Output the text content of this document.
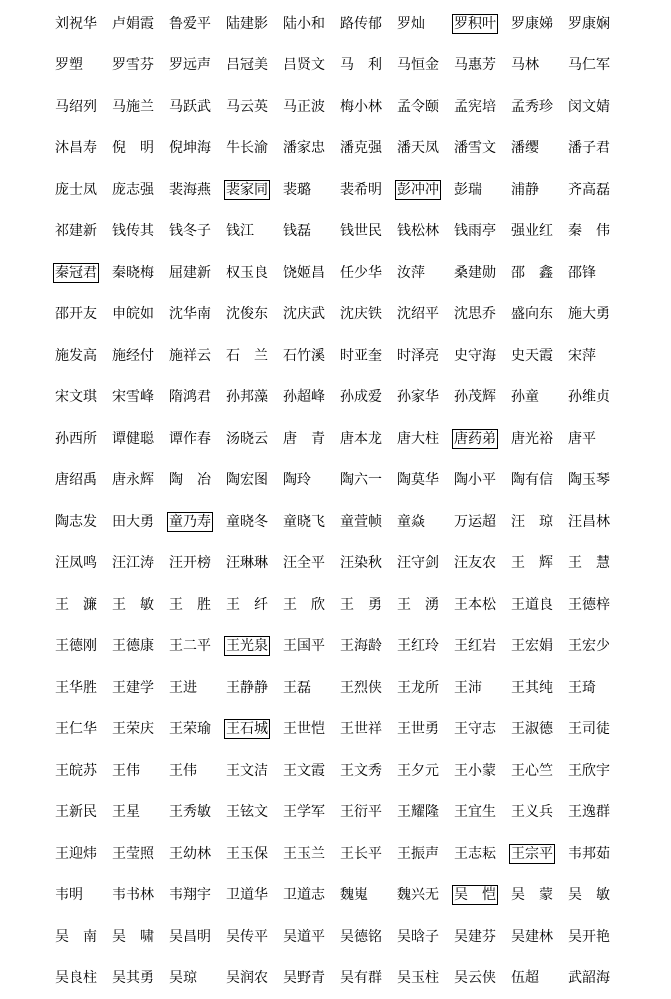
刘祝华	卢娟霞	鲁爱平	陆建影	陆小和	路传郁	罗灿	罗积叶	罗康娣	罗康娴
罗塑	罗雪芬	罗远声	吕冠美	吕贤文	马　利	马恒金	马惠芳	马林	马仁军
马绍列	马施兰	马跃武	马云英	马正波	梅小林	孟令颐	孟宪培	孟秀珍	闵文婧
沐昌寿	倪　明	倪坤海	牛长渝	潘家忠	潘克强	潘天凤	潘雪文	潘缨	潘子君
庞士凤	庞志强	裴海燕	裴家同	裴璐	裴希明	彭冲冲	彭瑞	浦静	齐高磊
祁建新	钱传其	钱冬子	钱江	钱磊	钱世民	钱松林	钱雨亭	强业红	秦　伟
秦冠君	秦晓梅	屈建新	权玉良	饶姬昌	任少华	汝萍	桑建勋	邵　鑫	邵锋
邵开友	申皖如	沈华南	沈俊东	沈庆武	沈庆铁	沈绍平	沈思乔	盛向东	施大勇
施发高	施经付	施祥云	石　兰	石竹溪	时亚奎	时泽亮	史守海	史天霞	宋萍
宋文琪	宋雪峰	隋鸿君	孙邦藻	孙超峰	孙成爱	孙家华	孙茂辉	孙童	孙维贞
孙西所	谭健聪	谭作春	汤晓云	唐　青	唐本龙	唐大柱	唐药弟	唐光裕	唐平
唐绍禹	唐永辉	陶　冶	陶宏图	陶玲	陶六一	陶莫华	陶小平	陶有信	陶玉琴
陶志发	田大勇	童乃寿	童晓冬	童晓飞	童萱帧	童焱	万运超	汪　琼	汪昌林
汪凤鸣	汪江涛	汪开榜	汪琳琳	汪全平	汪染秋	汪守剑	汪友农	王　辉	王　慧
王　濂	王　敏	王　胜	王　纤	王　欣	王　勇	王　湧	王本松	王道良	王德梓
王德刚	王德康	王二平	王光泉	王国平	王海龄	王红玲	王红岩	王宏娟	王宏少
王华胜	王建学	王进	王静静	王磊	王烈侠	王龙所	王沛	王其纯	王琦
王仁华	王荣庆	王荣瑜	王石城	王世恺	王世祥	王世勇	王守志	王淑德	王司徒
王皖苏	王伟	王伟	王文洁	王文霞	王文秀	王夕元	王小蒙	王心竺	王欣宇
王新民	王星	王秀敏	王铉文	王学军	王衍平	王耀隆	王宜生	王义兵	王逸群
王迎炜	王莹照	王幼林	王玉保	王玉兰	王长平	王振声	王志耘	王宗平	韦邦茹
韦明	韦书林	韦翔宇	卫道华	卫道志	魏嵬	魏兴无	吴　恺	吴　蒙	吴　敏
吴　南	吴　啸	吴昌明	吴传平	吴道平	吴德铭	吴晗子	吴建芬	吴建林	吴开艳
吴良柱	吴其勇	吴琼	吴润农	吴野青	吴有群	吴玉柱	吴云侠	伍超	武韶海
